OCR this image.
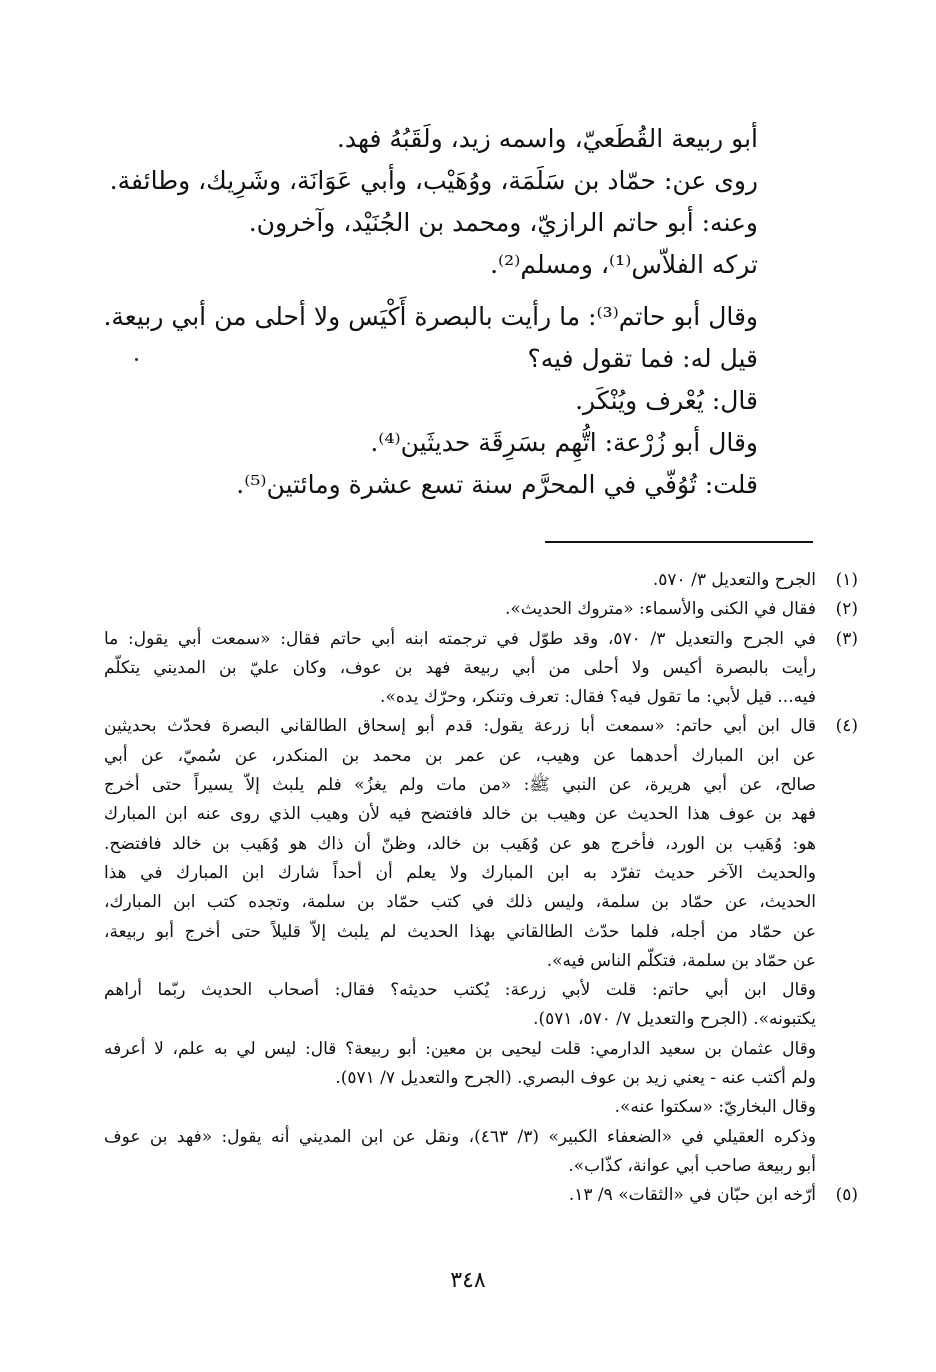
أبو ربيعة القُطَعيّ، واسمه زيد، ولَقَبُهُ فهد.
روى عن: حمّاد بن سَلَمَة، ووُهَيْب، وأبي عَوَانَة، وشَرِيك، وطائفة.
وعنه: أبو حاتم الرازيّ، ومحمد بن الجُنَيْد، وآخرون.
تركه الفلاّس⁽¹⁾، ومسلم⁽²⁾.
وقال أبو حاتم⁽³⁾: ما رأيت بالبصرة أَكْيَس ولا أحلى من أبي ربيعة.
قيل له: فما تقول فيه؟
قال: يُعْرف ويُنْكَر.
وقال أبو زُرْعة: اتُّهِم بسَرِقَة حديثَين⁽⁴⁾.
قلت: تُوُفّي في المحرَّم سنة تسع عشرة ومائتين⁽⁵⁾.
(١)
الجرح والتعديل ٣/ ٥٧٠.
(٢)
فقال في الكنى والأسماء: «متروك الحديث».
(٣)
في الجرح والتعديل ٣/ ٥٧٠، وقد طوّل في ترجمته ابنه أبي حاتم فقال: «سمعت أبي يقول: ما
رأيت بالبصرة أكيس ولا أحلى من أبي ربيعة فهد بن عوف، وكان عليّ بن المديني يتكلّم
فيه... قيل لأبي: ما تقول فيه؟ فقال: تعرف وتنكر، وحرّك يده».
(٤)
قال ابن أبي حاتم: «سمعت أبا زرعة يقول: قدم أبو إسحاق الطالقاني البصرة فحدّث بحديثين
عن ابن المبارك أحدهما عن وهيب، عن عمر بن محمد بن المنكدر، عن سُميّ، عن أبي
صالح، عن أبي هريرة، عن النبي ﷺ: «من مات ولم يغزُ» فلم يلبث إلاّ يسيراً حتى أخرج
فهد بن عوف هذا الحديث عن وهيب بن خالد فافتضح فيه لأن وهيب الذي روى عنه ابن المبارك
هو: وُهَيب بن الورد، فأخرج هو عن وُهَيب بن خالد، وظنّ أن ذاك هو وُهَيب بن خالد فافتضح.
والحديث الآخر حديث تفرّد به ابن المبارك ولا يعلم أن أحداً شارك ابن المبارك في هذا
الحديث، عن حمّاد بن سلمة، وليس ذلك في كتب حمّاد بن سلمة، وتجده كتب ابن المبارك،
عن حمّاد من أجله، فلما حدّث الطالقاني بهذا الحديث لم يلبث إلاّ قليلاً حتى أخرج أبو ربيعة،
عن حمّاد بن سلمة، فتكلّم الناس فيه».
وقال ابن أبي حاتم: قلت لأبي زرعة: يُكتب حديثه؟ فقال: أصحاب الحديث ربّما أراهم
يكتبونه». (الجرح والتعديل ٧/ ٥٧٠، ٥٧١).
وقال عثمان بن سعيد الدارمي: قلت ليحيى بن معين: أبو ربيعة؟ قال: ليس لي به علم، لا أعرفه
ولم أكتب عنه - يعني زيد بن عوف البصري. (الجرح والتعديل ٧/ ٥٧١).
وقال البخاريّ: «سكتوا عنه».
وذكره العقيلي في «الضعفاء الكبير» (٣/ ٤٦٣)، ونقل عن ابن المديني أنه يقول: «فهد بن عوف
أبو ربيعة صاحب أبي عوانة، كذّاب».
(٥)
أرّخه ابن حبّان في «الثقات» ٩/ ١٣.
٣٤٨
